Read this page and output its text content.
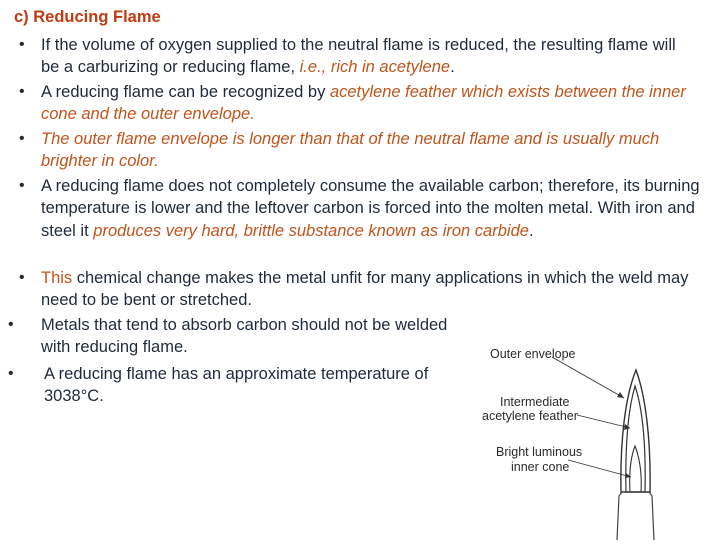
c) Reducing Flame

• If the volume of oxygen supplied to the neutral flame is reduced, the resulting flame will be a carburizing or reducing flame, i.e., rich in acetylene.

• A reducing flame can be recognized by acetylene feather which exists between the inner cone and the outer envelope.

• The outer flame envelope is longer than that of the neutral flame and is usually much brighter in color.

• A reducing flame does not completely consume the available carbon; therefore, its burning temperature is lower and the leftover carbon is forced into the molten metal. With iron and steel it produces very hard, brittle substance known as iron carbide.

• This chemical change makes the metal unfit for many applications in which the weld may need to be bent or stretched.

• Metals that tend to absorb carbon should not be welded with reducing flame.

• A reducing flame has an approximate temperature of 3038°C.

Outer envelope
Intermediate
acetylene feather
Bright luminous
inner cone
